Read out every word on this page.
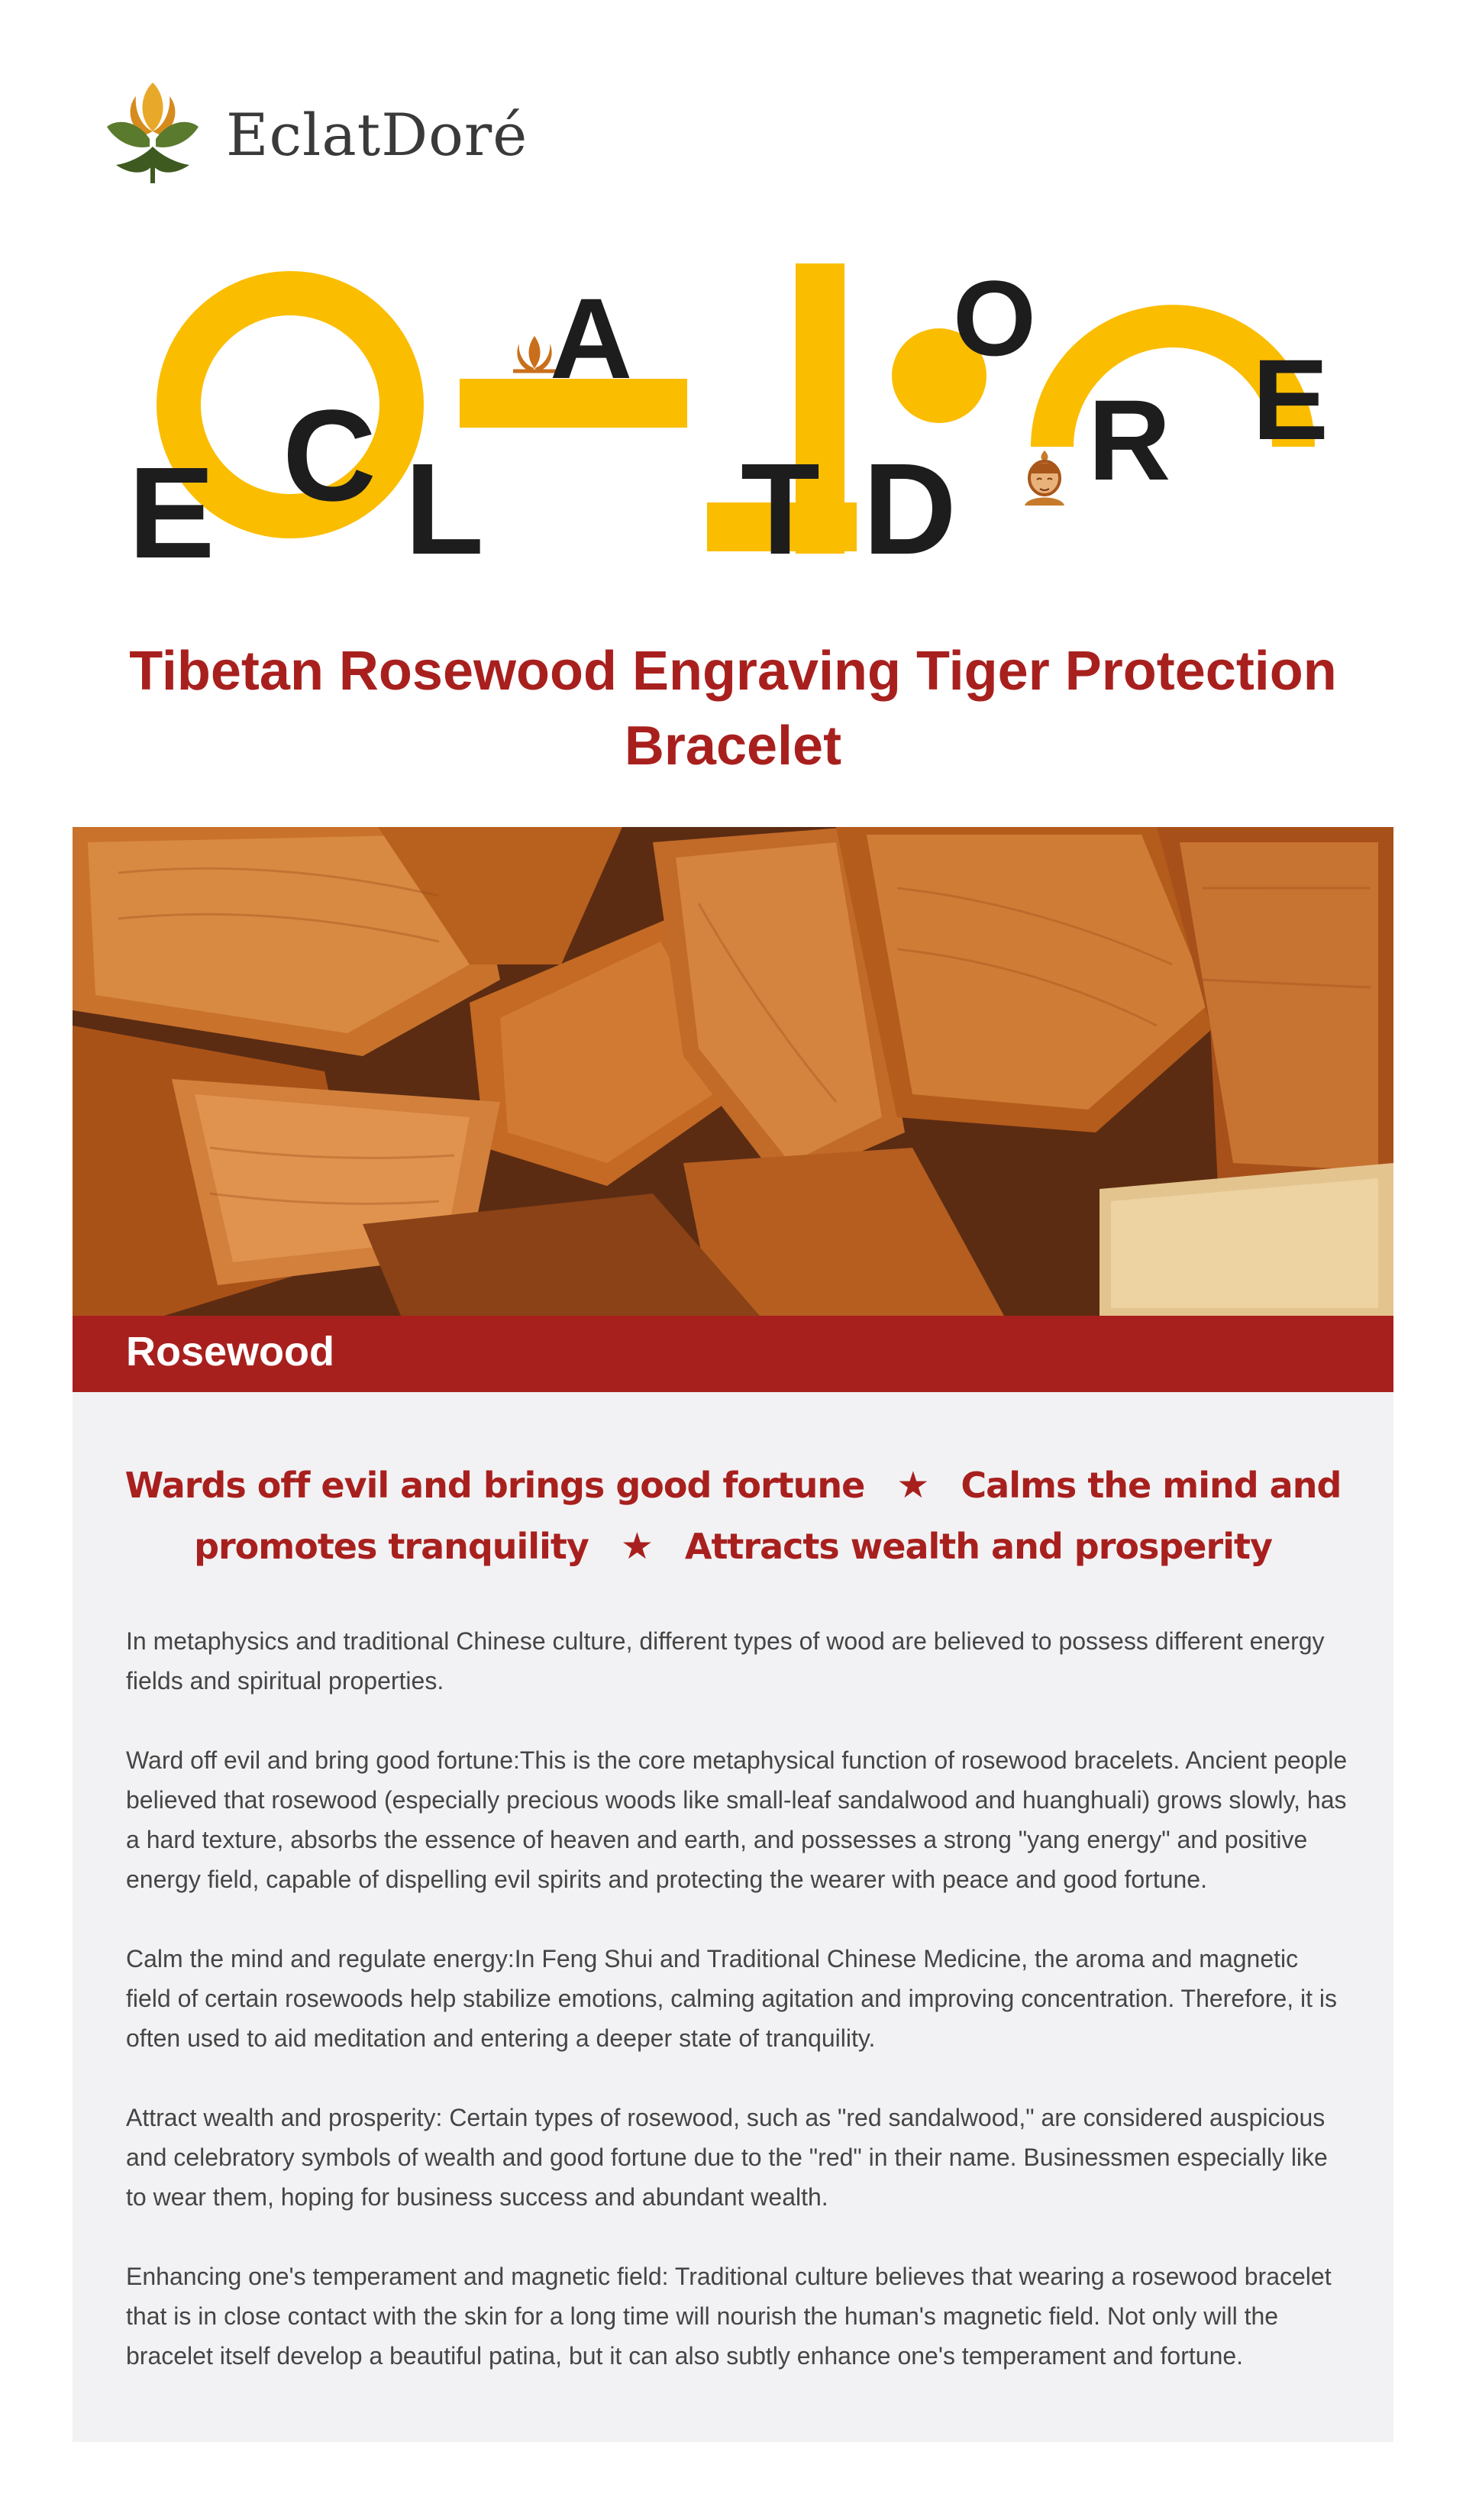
EclatDoré
E C L
A
T D
O
R E
Tibetan Rosewood Engraving Tiger Protection Bracelet
Rosewood
Wards off evil and brings good fortune ★ Calms the mind and promotes tranquility ★ Attracts wealth and prosperity

In metaphysics and traditional Chinese culture, different types of wood are believed to possess different energy fields and spiritual properties.

Ward off evil and bring good fortune:This is the core metaphysical function of rosewood bracelets. Ancient people believed that rosewood (especially precious woods like small-leaf sandalwood and huanghuali) grows slowly, has a hard texture, absorbs the essence of heaven and earth, and possesses a strong "yang energy" and positive energy field, capable of dispelling evil spirits and protecting the wearer with peace and good fortune.

Calm the mind and regulate energy:In Feng Shui and Traditional Chinese Medicine, the aroma and magnetic field of certain rosewoods help stabilize emotions, calming agitation and improving concentration. Therefore, it is often used to aid meditation and entering a deeper state of tranquility.

Attract wealth and prosperity: Certain types of rosewood, such as "red sandalwood," are considered auspicious and celebratory symbols of wealth and good fortune due to the "red" in their name. Businessmen especially like to wear them, hoping for business success and abundant wealth.

Enhancing one's temperament and magnetic field: Traditional culture believes that wearing a rosewood bracelet that is in close contact with the skin for a long time will nourish the human's magnetic field. Not only will the bracelet itself develop a beautiful patina, but it can also subtly enhance one's temperament and fortune.
